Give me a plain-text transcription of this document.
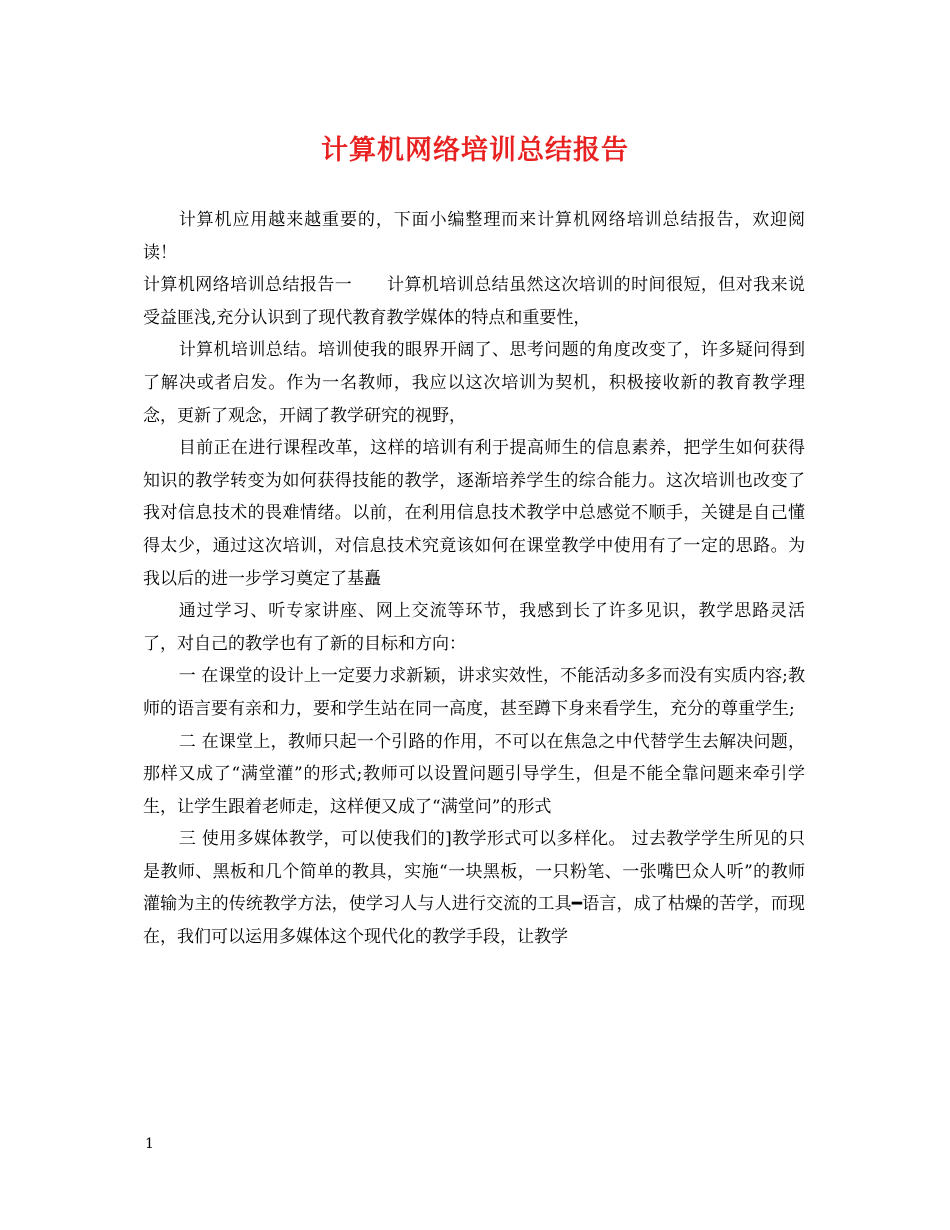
计算机网络培训总结报告

计算机应用越来越重要的，下面小编整理而来计算机网络培训总结报告，欢迎阅读！

计算机网络培训总结报告一　　计算机培训总结虽然这次培训的时间很短，但对我来说受益匪浅,充分认识到了现代教育教学媒体的特点和重要性，

计算机培训总结。培训使我的眼界开阔了、思考问题的角度改变了，许多疑问得到了解决或者启发。作为一名教师，我应以这次培训为契机，积极接收新的教育教学理念，更新了观念，开阔了教学研究的视野，

目前正在进行课程改革，这样的培训有利于提高师生的信息素养，把学生如何获得知识的教学转变为如何获得技能的教学，逐渐培养学生的综合能力。这次培训也改变了我对信息技术的畏难情绪。以前，在利用信息技术教学中总感觉不顺手，关键是自己懂得太少，通过这次培训，对信息技术究竟该如何在课堂教学中使用有了一定的思路。为我以后的进一步学习奠定了基矗

通过学习、听专家讲座、网上交流等环节，我感到长了许多见识，教学思路灵活了，对自己的教学也有了新的目标和方向：

一 在课堂的设计上一定要力求新颖，讲求实效性，不能活动多多而没有实质内容;教师的语言要有亲和力，要和学生站在同一高度，甚至蹲下身来看学生，充分的尊重学生;

二 在课堂上，教师只起一个引路的作用，不可以在焦急之中代替学生去解决问题，那样又成了“满堂灌”的形式;教师可以设置问题引导学生，但是不能全靠问题来牵引学生，让学生跟着老师走，这样便又成了“满堂问”的形式

三 使用多媒体教学，可以使我们的]教学形式可以多样化。 过去教学学生所见的只是教师、黑板和几个简单的教具，实施“一块黑板，一只粉笔、一张嘴巴众人听”的教师灌输为主的传统教学方法，使学习人与人进行交流的工具━语言，成了枯燥的苦学，而现在，我们可以运用多媒体这个现代化的教学手段，让教学

1
